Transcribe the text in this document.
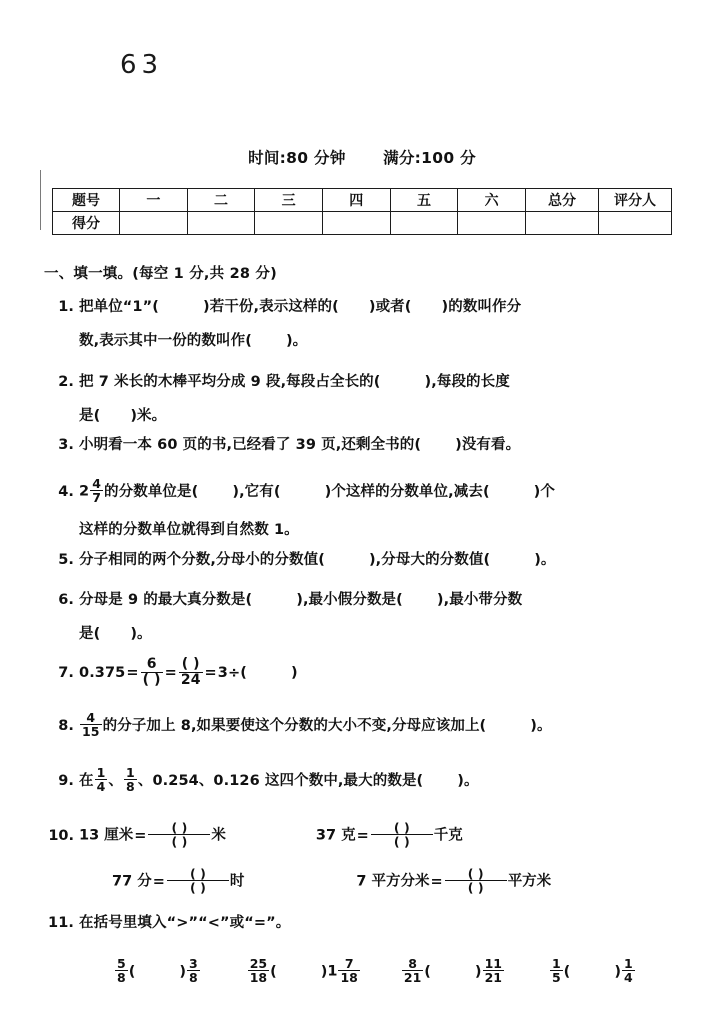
63
时间:80 分钟 满分:100 分
题号	一	二	三	四	五	六	总分	评分人
得分								
一、填一填。(每空 1 分,共 28 分)
1. 把单位“1”(	)若干份,表示这样的( )或者( )的数叫作分
数,表示其中一份的数叫作( )。
2. 把 7 米长的木棒平均分成 9 段,每段占全长的(	),每段的长度
是( )米。
3. 小明看一本 60 页的书,已经看了 39 页,还剩全书的( )没有看。
4. $2 \frac{4}{7}$ 的分数单位是( ),它有(	)个这样的分数单位,减去(	)个
这样的分数单位就得到自然数 1。
5. 分子相同的两个分数,分母小的分数值(	),分母大的分数值(	)。
6. 分母是 9 的最大真分数是(	),最小假分数是( ),最小带分数
是( )。
7. $0.375= \frac{6}{( )} = \frac{( )}{24} =3\div$(	)
8. $\frac{4}{15}$ 的分子加上 8,如果要使这个分数的大小不变,分母应该加上(	)。
9. 在 $\frac{1}{4}$ 、 $\frac{1}{8}$ 、0.254、0.126 这四个数中,最大的数是( )。
10. 13 厘米= $\frac{( )}{( )}$ 米	37 克= $\frac{( )}{( )}$ 千克
77 分= $\frac{( )}{( )}$ 时	7 平方分米= $\frac{( )}{( )}$ 平方米
11. 在括号里填入“>”“<”或“=”。
$\frac{5}{8}$ (	) $\frac{3}{8}$	$\frac{25}{18}$ (	)$1 \frac{7}{18}$	$\frac{8}{21}$ (	) $\frac{11}{21}$	$\frac{1}{5}$ (	) $\frac{1}{4}$
